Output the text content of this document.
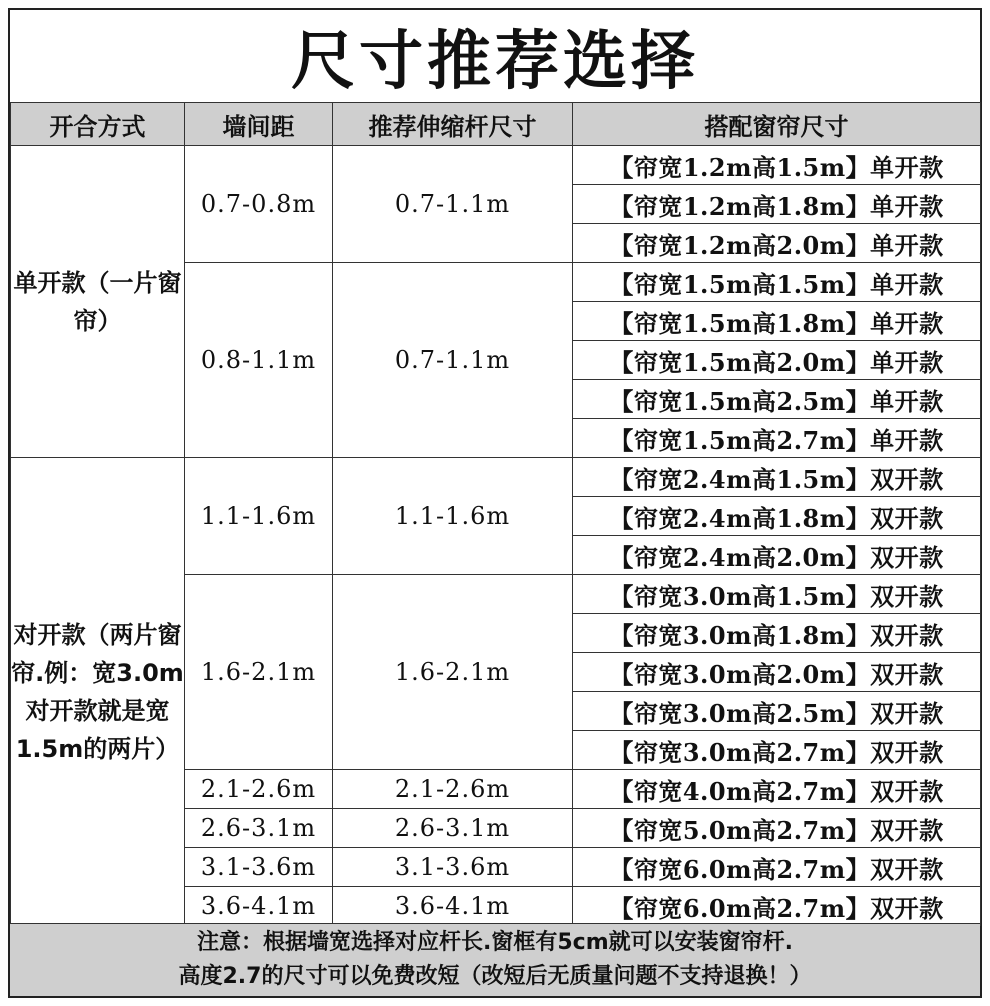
尺寸推荐选择
开合方式	墙间距	推荐伸缩杆尺寸	搭配窗帘尺寸
单开款（一片窗帘）	0.7-0.8m	0.7-1.1m	【帘宽1.2m高1.5m】单开款
			【帘宽1.2m高1.8m】单开款
			【帘宽1.2m高2.0m】单开款
	0.8-1.1m	0.7-1.1m	【帘宽1.5m高1.5m】单开款
			【帘宽1.5m高1.8m】单开款
			【帘宽1.5m高2.0m】单开款
			【帘宽1.5m高2.5m】单开款
			【帘宽1.5m高2.7m】单开款
对开款（两片窗帘.例：宽3.0m对开款就是宽1.5m的两片）	1.1-1.6m	1.1-1.6m	【帘宽2.4m高1.5m】双开款
			【帘宽2.4m高1.8m】双开款
			【帘宽2.4m高2.0m】双开款
	1.6-2.1m	1.6-2.1m	【帘宽3.0m高1.5m】双开款
			【帘宽3.0m高1.8m】双开款
			【帘宽3.0m高2.0m】双开款
			【帘宽3.0m高2.5m】双开款
			【帘宽3.0m高2.7m】双开款
	2.1-2.6m	2.1-2.6m	【帘宽4.0m高2.7m】双开款
	2.6-3.1m	2.6-3.1m	【帘宽5.0m高2.7m】双开款
	3.1-3.6m	3.1-3.6m	【帘宽6.0m高2.7m】双开款
	3.6-4.1m	3.6-4.1m	【帘宽6.0m高2.7m】双开款
注意：根据墙宽选择对应杆长.窗框有5cm就可以安装窗帘杆.
高度2.7的尺寸可以免费改短（改短后无质量问题不支持退换！）
